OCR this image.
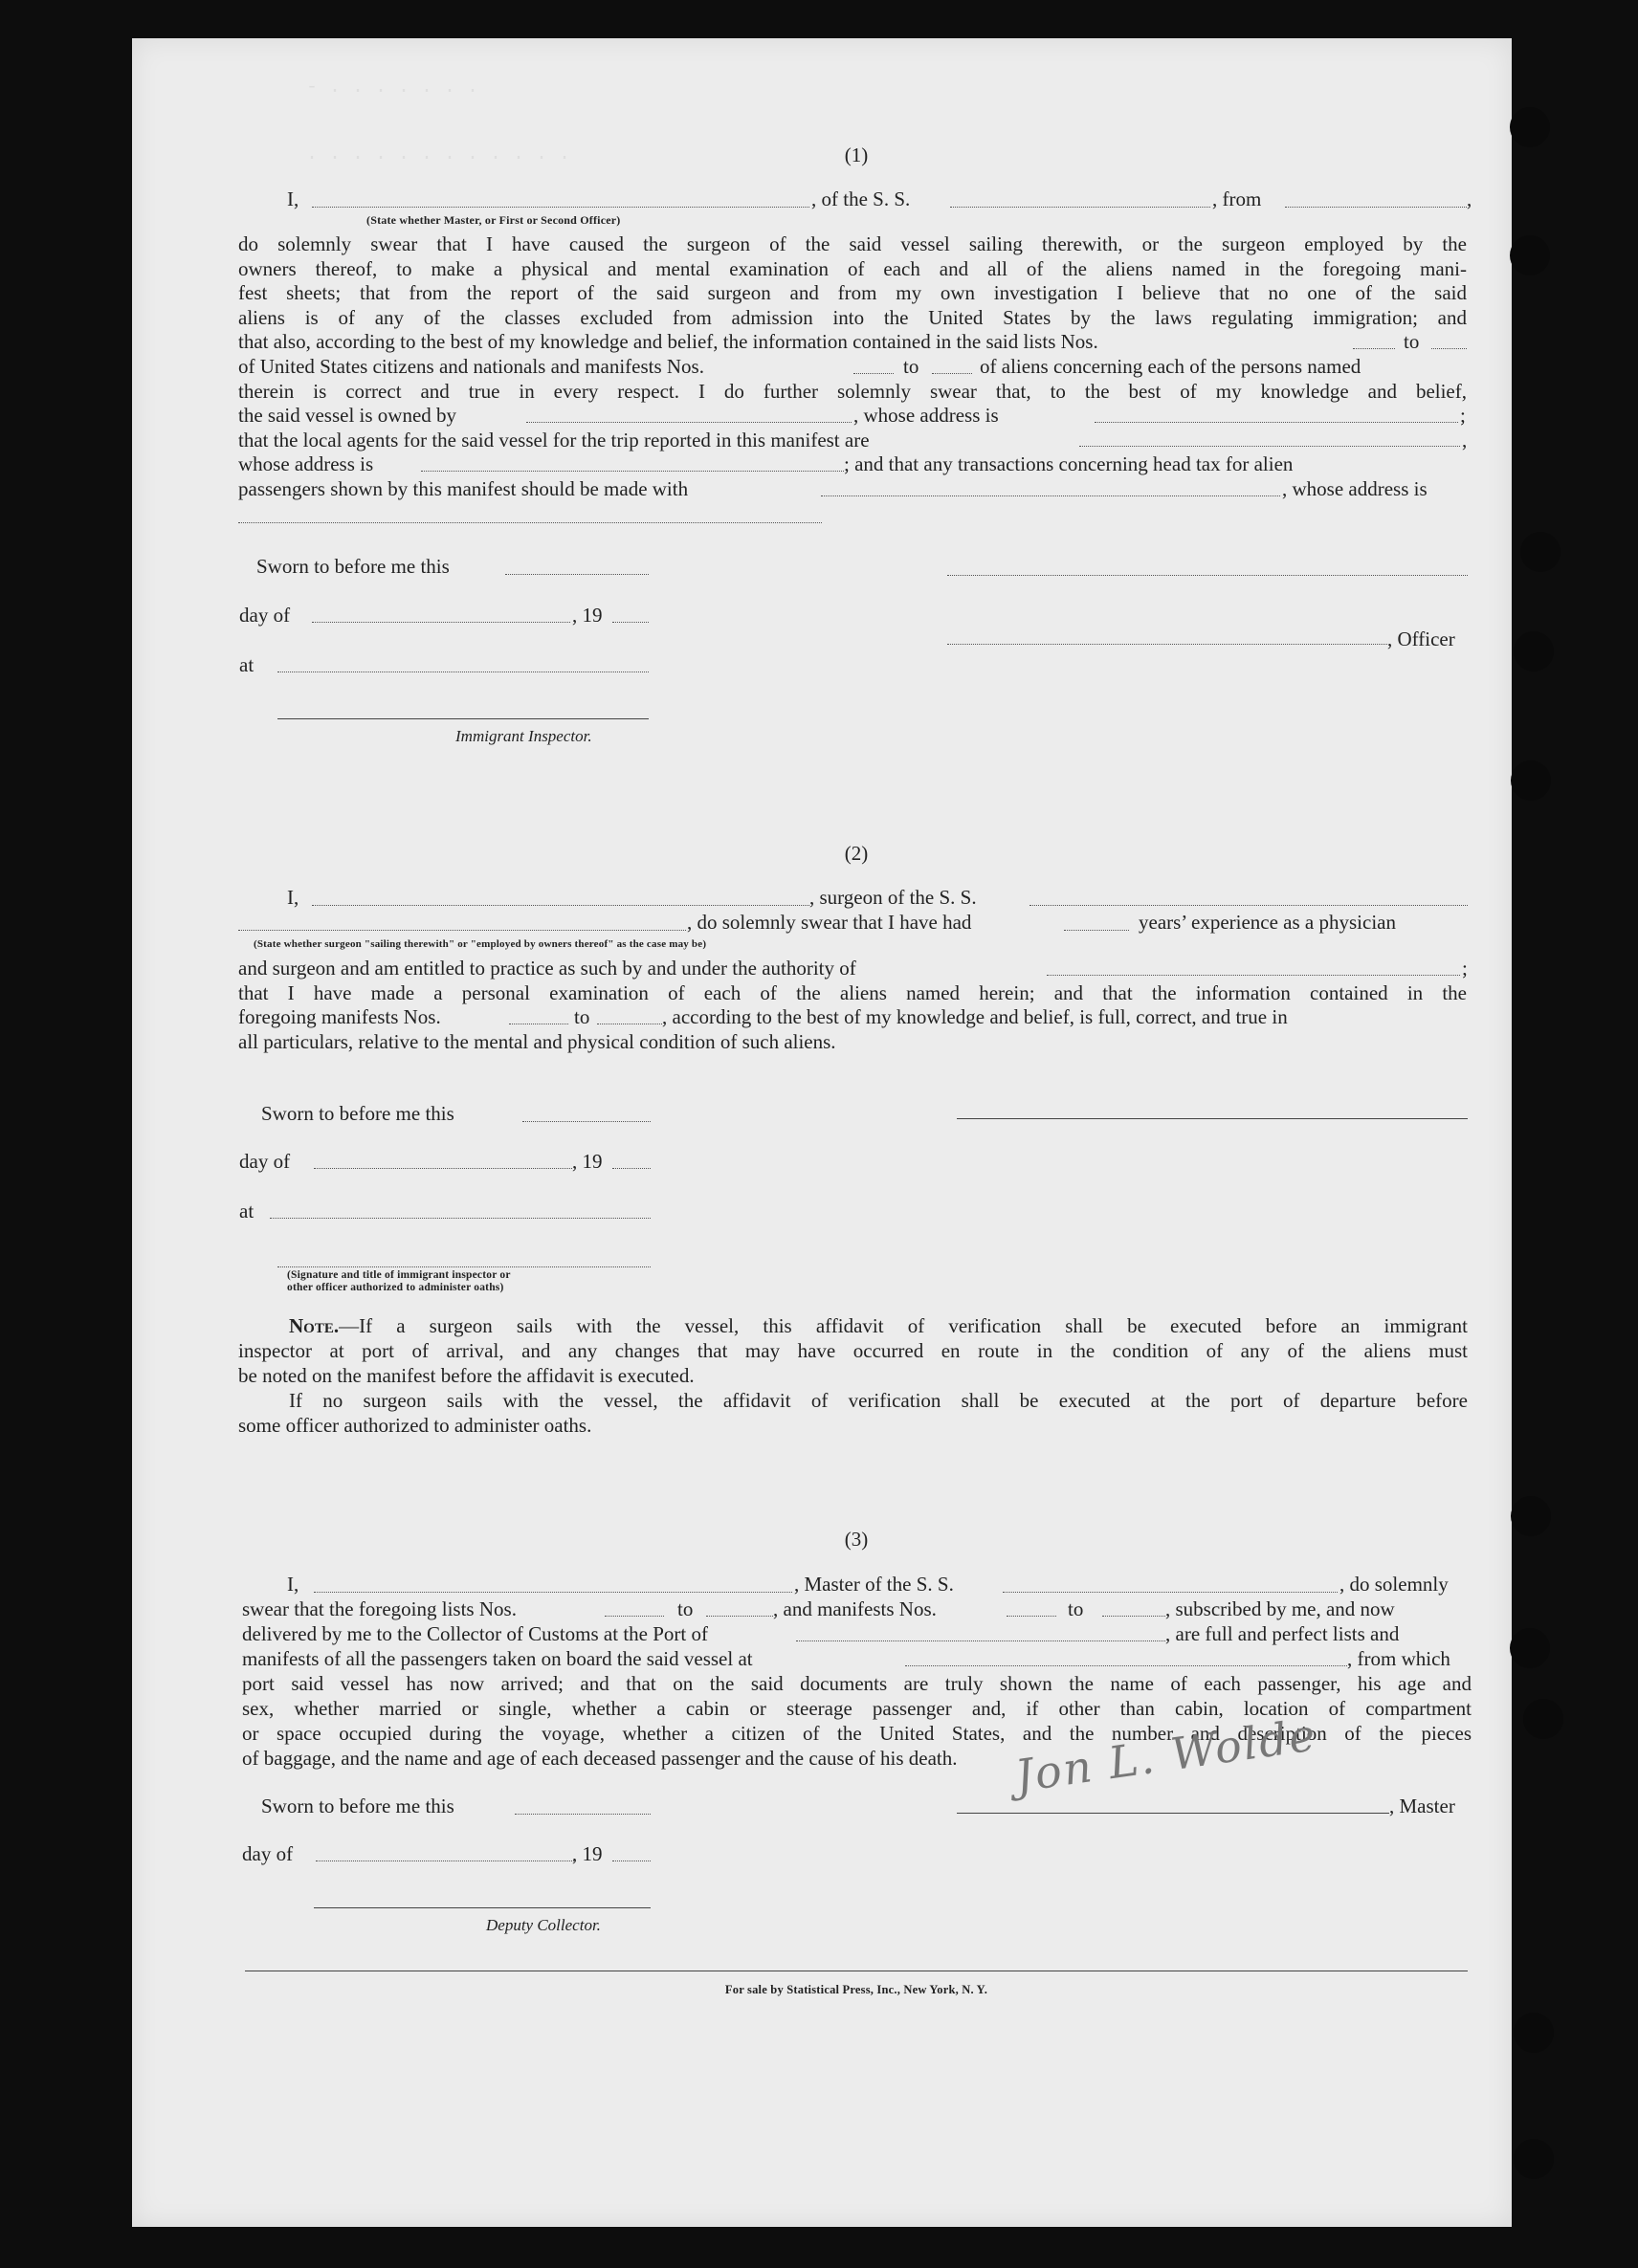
- . . . . . . .
. . . . . . . . . . . .	(1)
I,	, of the S. S.	, from	,
(State whether Master, or First or Second Officer)
do solemnly swear that I have caused the surgeon of the said vessel sailing therewith, or the surgeon employed by the
owners thereof, to make a physical and mental examination of each and all of the aliens named in the foregoing mani-
fest sheets; that from the report of the said surgeon and from my own investigation I believe that no one of the said
aliens is of any of the classes excluded from admission into the United States by the laws regulating immigration; and
that also, according to the best of my knowledge and belief, the information contained in the said lists Nos.	to
of United States citizens and nationals and manifests Nos.	to	of aliens concerning each of the persons named
therein is correct and true in every respect. I do further solemnly swear that, to the best of my knowledge and belief,
the said vessel is owned by	, whose address is	;
that the local agents for the said vessel for the trip reported in this manifest are	,
whose address is	; and that any transactions concerning head tax for alien
passengers shown by this manifest should be made with	, whose address is
Sworn to before me this
day of	, 19
at
Immigrant Inspector.
, Officer
(2)
I,	, surgeon of the S. S.
, do solemnly swear that I have had	years’ experience as a physician
(State whether surgeon "sailing therewith" or "employed by owners thereof" as the case may be)
and surgeon and am entitled to practice as such by and under the authority of	;
that I have made a personal examination of each of the aliens named herein; and that the information contained in the
foregoing manifests Nos.	to	, according to the best of my knowledge and belief, is full, correct, and true in
all particulars, relative to the mental and physical condition of such aliens.
Sworn to before me this
day of	, 19
at
(Signature and title of immigrant inspector or
other officer authorized to administer oaths)
Note.—If a surgeon sails with the vessel, this affidavit of verification shall be executed before an immigrant
inspector at port of arrival, and any changes that may have occurred en route in the condition of any of the aliens must
be noted on the manifest before the affidavit is executed.
If no surgeon sails with the vessel, the affidavit of verification shall be executed at the port of departure before
some officer authorized to administer oaths.
(3)
I,	, Master of the S. S.	, do solemnly
swear that the foregoing lists Nos.	to	, and manifests Nos.	to	, subscribed by me, and now
delivered by me to the Collector of Customs at the Port of	, are full and perfect lists and
manifests of all the passengers taken on board the said vessel at	, from which
port said vessel has now arrived; and that on the said documents are truly shown the name of each passenger, his age and
sex, whether married or single, whether a cabin or steerage passenger and, if other than cabin, location of compartment
or space occupied during the voyage, whether a citizen of the United States, and the number and description of the pieces
of baggage, and the name and age of each deceased passenger and the cause of his death. Jon L. Wolde
Sworn to before me this
day of	, 19
Deputy Collector.
, Master
For sale by Statistical Press, Inc., New York, N. Y.
